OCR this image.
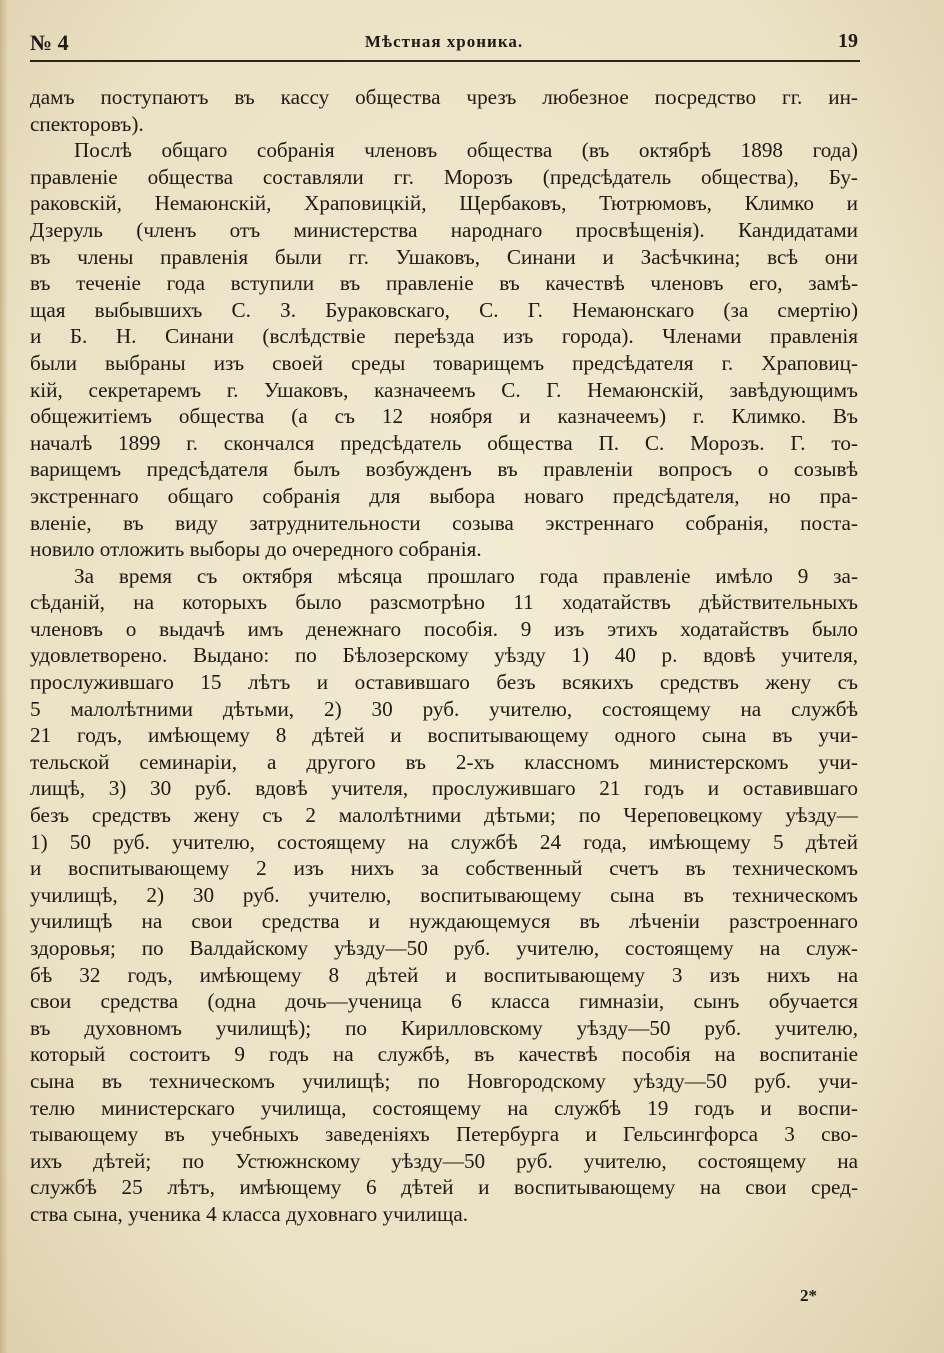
№ 4	Мѣстная хроника.	19
дамъ поступаютъ въ кассу общества чрезъ любезное посредство гг. ин-
спекторовъ).
Послѣ общаго собранія членовъ общества (въ октябрѣ 1898 года)
правленіе общества составляли гг. Морозъ (предсѣдатель общества), Бу-
раковскій, Немаюнскій, Храповицкій, Щербаковъ, Тютрюмовъ, Климко и
Дзеруль (членъ отъ министерства народнаго просвѣщенія). Кандидатами
въ члены правленія были гг. Ушаковъ, Синани и Засѣчкина; всѣ они
въ теченіе года вступили въ правленіе въ качествѣ членовъ его, замѣ-
щая выбывшихъ С. З. Бураковскаго, С. Г. Немаюнскаго (за смертію)
и Б. Н. Синани (вслѣдствіе переѣзда изъ города). Членами правленія
были выбраны изъ своей среды товарищемъ предсѣдателя г. Храповиц-
кій, секретаремъ г. Ушаковъ, казначеемъ С. Г. Немаюнскій, завѣдующимъ
общежитіемъ общества (а съ 12 ноября и казначеемъ) г. Климко. Въ
началѣ 1899 г. скончался предсѣдатель общества П. С. Морозъ. Г. то-
варищемъ предсѣдателя былъ возбужденъ въ правленіи вопросъ о созывѣ
экстреннаго общаго собранія для выбора новаго предсѣдателя, но пра-
вленіе, въ виду затруднительности созыва экстреннаго собранія, поста-
новило отложить выборы до очередного собранія.
За время съ октября мѣсяца прошлаго года правленіе имѣло 9 за-
сѣданій, на которыхъ было разсмотрѣно 11 ходатайствъ дѣйствительныхъ
членовъ о выдачѣ имъ денежнаго пособія. 9 изъ этихъ ходатайствъ было
удовлетворено. Выдано: по Бѣлозерскому уѣзду 1) 40 р. вдовѣ учителя,
прослужившаго 15 лѣтъ и оставившаго безъ всякихъ средствъ жену съ
5 малолѣтними дѣтьми, 2) 30 руб. учителю, состоящему на службѣ
21 годъ, имѣющему 8 дѣтей и воспитывающему одного сына въ учи-
тельской семинаріи, а другого въ 2-хъ классномъ министерскомъ учи-
лищѣ, 3) 30 руб. вдовѣ учителя, прослужившаго 21 годъ и оставившаго
безъ средствъ жену съ 2 малолѣтними дѣтьми; по Череповецкому уѣзду—
1) 50 руб. учителю, состоящему на службѣ 24 года, имѣющему 5 дѣтей
и воспитывающему 2 изъ нихъ за собственный счетъ въ техническомъ
училищѣ, 2) 30 руб. учителю, воспитывающему сына въ техническомъ
училищѣ на свои средства и нуждающемуся въ лѣченіи разстроеннаго
здоровья; по Валдайскому уѣзду—50 руб. учителю, состоящему на служ-
бѣ 32 годъ, имѣющему 8 дѣтей и воспитывающему 3 изъ нихъ на
свои средства (одна дочь—ученица 6 класса гимназіи, сынъ обучается
въ духовномъ училищѣ); по Кирилловскому уѣзду—50 руб. учителю,
который состоитъ 9 годъ на службѣ, въ качествѣ пособія на воспитаніе
сына въ техническомъ училищѣ; по Новгородскому уѣзду—50 руб. учи-
телю министерскаго училища, состоящему на службѣ 19 годъ и воспи-
тывающему въ учебныхъ заведеніяхъ Петербурга и Гельсингфорса 3 сво-
ихъ дѣтей; по Устюжнскому уѣзду—50 руб. учителю, состоящему на
службѣ 25 лѣтъ, имѣющему 6 дѣтей и воспитывающему на свои сред-
ства сына, ученика 4 класса духовнаго училища.
2*
